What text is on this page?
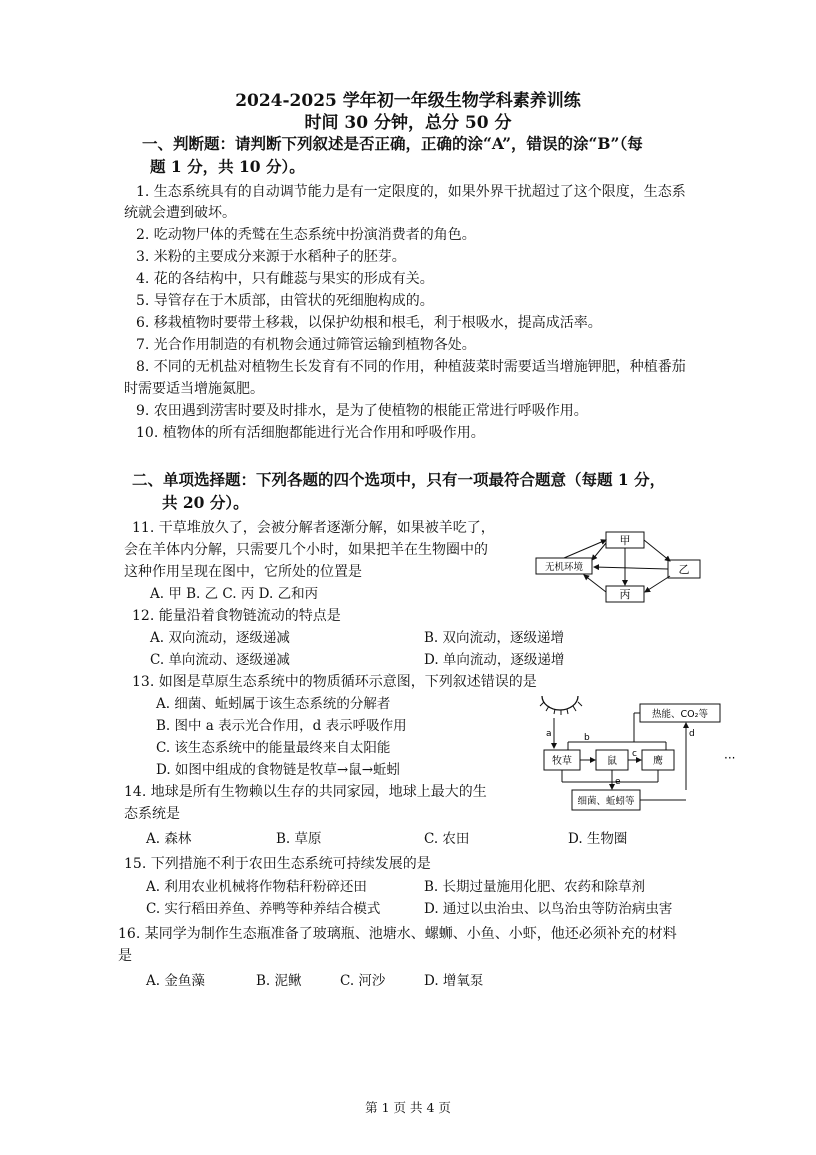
2024-2025 学年初一年级生物学科素养训练
时间 30 分钟，总分 50 分
一、判断题：请判断下列叙述是否正确，正确的涂“A”，错误的涂“B”（每
题 1 分，共 10 分）。
1. 生态系统具有的自动调节能力是有一定限度的，如果外界干扰超过了这个限度，生态系
统就会遭到破坏。
2. 吃动物尸体的秃鹫在生态系统中扮演消费者的角色。
3. 米粉的主要成分来源于水稻种子的胚芽。
4. 花的各结构中，只有雌蕊与果实的形成有关。
5. 导管存在于木质部，由管状的死细胞构成的。
6. 移栽植物时要带土移栽，以保护幼根和根毛，利于根吸水，提高成活率。
7. 光合作用制造的有机物会通过筛管运输到植物各处。
8. 不同的无机盐对植物生长发育有不同的作用，种植菠菜时需要适当增施钾肥，种植番茄
时需要适当增施氮肥。
9. 农田遇到涝害时要及时排水，是为了使植物的根能正常进行呼吸作用。
10. 植物体的所有活细胞都能进行光合作用和呼吸作用。
二、单项选择题：下列各题的四个选项中，只有一项最符合题意（每题 1 分，
共 20 分）。
11. 干草堆放久了，会被分解者逐渐分解，如果被羊吃了，
会在羊体内分解，只需要几个小时，如果把羊在生物圈中的
这种作用呈现在图中，它所处的位置是
A. 甲 B. 乙 C. 丙 D. 乙和丙
甲
无机环境	乙
丙
12. 能量沿着食物链流动的特点是
A. 双向流动，逐级递减	B. 双向流动，逐级递增
C. 单向流动、逐级递减	D. 单向流动，逐级递增
13. 如图是草原生态系统中的物质循环示意图，下列叙述错误的是
A. 细菌、蚯蚓属于该生态系统的分解者
B. 图中 a 表示光合作用，d 表示呼吸作用
C. 该生态系统中的能量最终来自太阳能
D. 如图中组成的食物链是牧草→鼠→蚯蚓
热能、CO₂等
牧草	鼠	鹰
细菌、蚯蚓等
a	b
c
d
e
···
14. 地球是所有生物赖以生存的共同家园，地球上最大的生
态系统是
A. 森林	B. 草原	C. 农田	D. 生物圈
15. 下列措施不利于农田生态系统可持续发展的是
A. 利用农业机械将作物秸秆粉碎还田	B. 长期过量施用化肥、农药和除草剂
C. 实行稻田养鱼、养鸭等种养结合模式	D. 通过以虫治虫、以鸟治虫等防治病虫害
16. 某同学为制作生态瓶准备了玻璃瓶、池塘水、螺蛳、小鱼、小虾，他还必须补充的材料
是
A. 金鱼藻	B. 泥鳅	C. 河沙	D. 增氧泵
第 1 页 共 4 页
